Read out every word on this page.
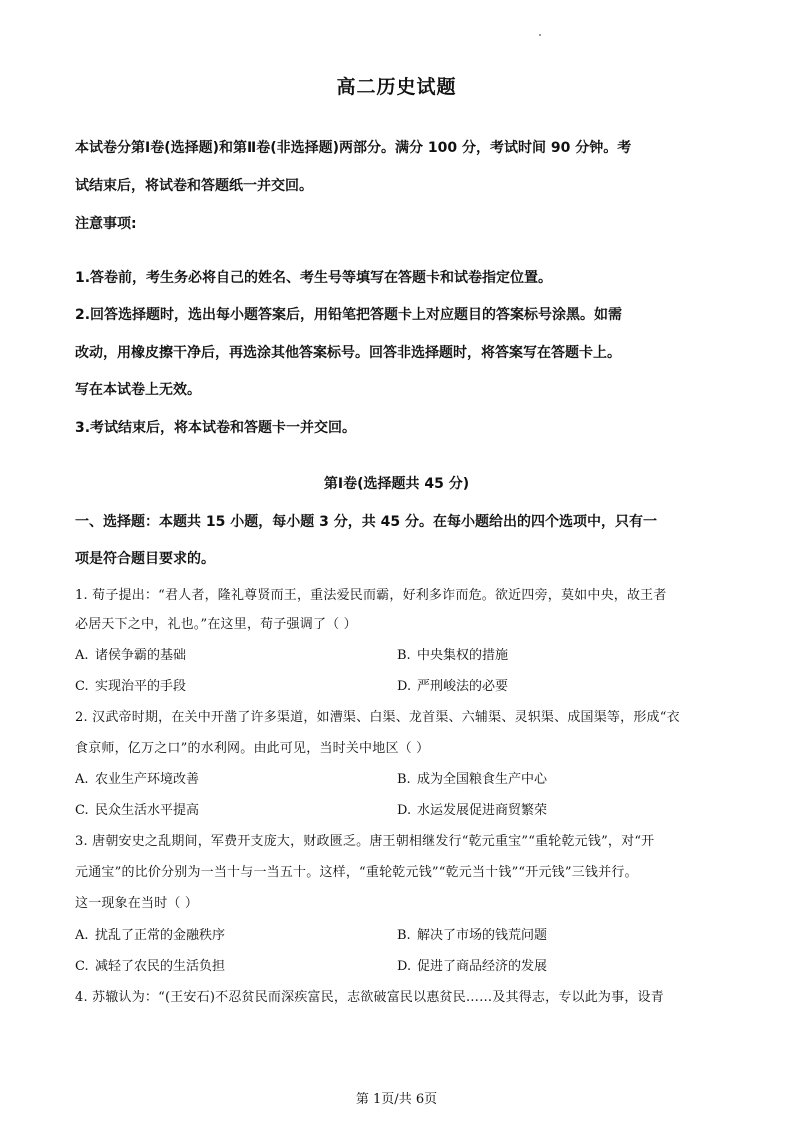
高二历史试题
本试卷分第Ⅰ卷(选择题)和第Ⅱ卷(非选择题)两部分。满分 100 分，考试时间 90 分钟。考
试结束后，将试卷和答题纸一并交回。
注意事项:
1.答卷前，考生务必将自己的姓名、考生号等填写在答题卡和试卷指定位置。
2.回答选择题时，选出每小题答案后，用铅笔把答题卡上对应题目的答案标号涂黑。如需
改动，用橡皮擦干净后，再选涂其他答案标号。回答非选择题时，将答案写在答题卡上。
写在本试卷上无效。
3.考试结束后，将本试卷和答题卡一并交回。
第Ⅰ卷(选择题共 45 分)
一、选择题：本题共 15 小题，每小题 3 分，共 45 分。在每小题给出的四个选项中，只有一
项是符合题目要求的。
1. 荀子提出：“君人者，隆礼尊贤而王，重法爱民而霸，好利多诈而危。欲近四旁，莫如中央，故王者
必居天下之中，礼也。”在这里，荀子强调了（ ）
A. 诸侯争霸的基础	B. 中央集权的措施
C. 实现治平的手段	D. 严刑峻法的必要
2. 汉武帝时期，在关中开凿了许多渠道，如漕渠、白渠、龙首渠、六辅渠、灵轵渠、成国渠等，形成“衣
食京师，亿万之口”的水利网。由此可见，当时关中地区（ ）
A. 农业生产环境改善	B. 成为全国粮食生产中心
C. 民众生活水平提高	D. 水运发展促进商贸繁荣
3. 唐朝安史之乱期间，军费开支庞大，财政匮乏。唐王朝相继发行“乾元重宝”“重轮乾元钱”，对“开
元通宝”的比价分别为一当十与一当五十。这样，“重轮乾元钱”“乾元当十钱”“开元钱”三钱并行。
这一现象在当时（ ）
A. 扰乱了正常的金融秩序	B. 解决了市场的钱荒问题
C. 减轻了农民的生活负担	D. 促进了商品经济的发展
4. 苏辙认为：“(王安石)不忍贫民而深疾富民，志欲破富民以惠贫民……及其得志，专以此为事，设青
第 1页/共 6页
